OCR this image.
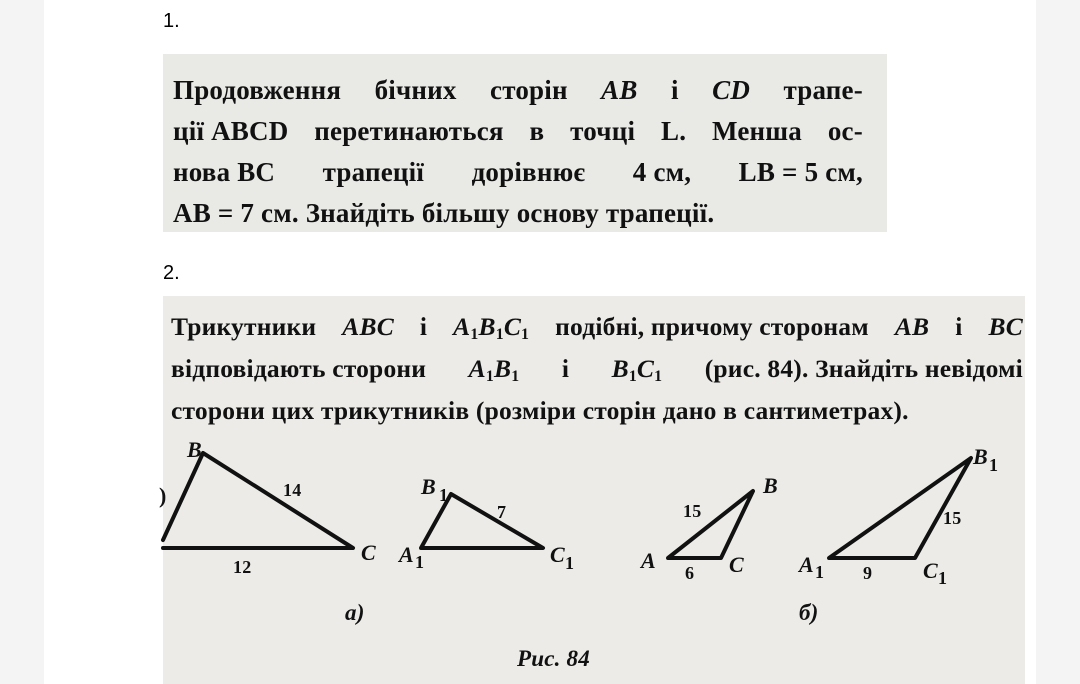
1.
Продовження бічних сторін AB і CD трапе-
ції ABCD перетинаються в точці L. Менша ос-
нова BC трапеції дорівнює 4 см, LB = 5 см,
AB = 7 см. Знайдіть більшу основу трапеції.
2.
Трикутники ABC і $A_1B_1C_1$ подібні, причому сторонам AB і BC
відповідають сторони $A_1B_1$ і $B_1C_1$ (рис. 84). Знайдіть невідомі
сторони цих трикутників (розміри сторін дано в сантиметрах).
B
)	14
12
C
B 1
7
A 1	C 1
B
15
A 6 C
B 1
15
A 1 9 C 1
а)	б)
Рис. 84
